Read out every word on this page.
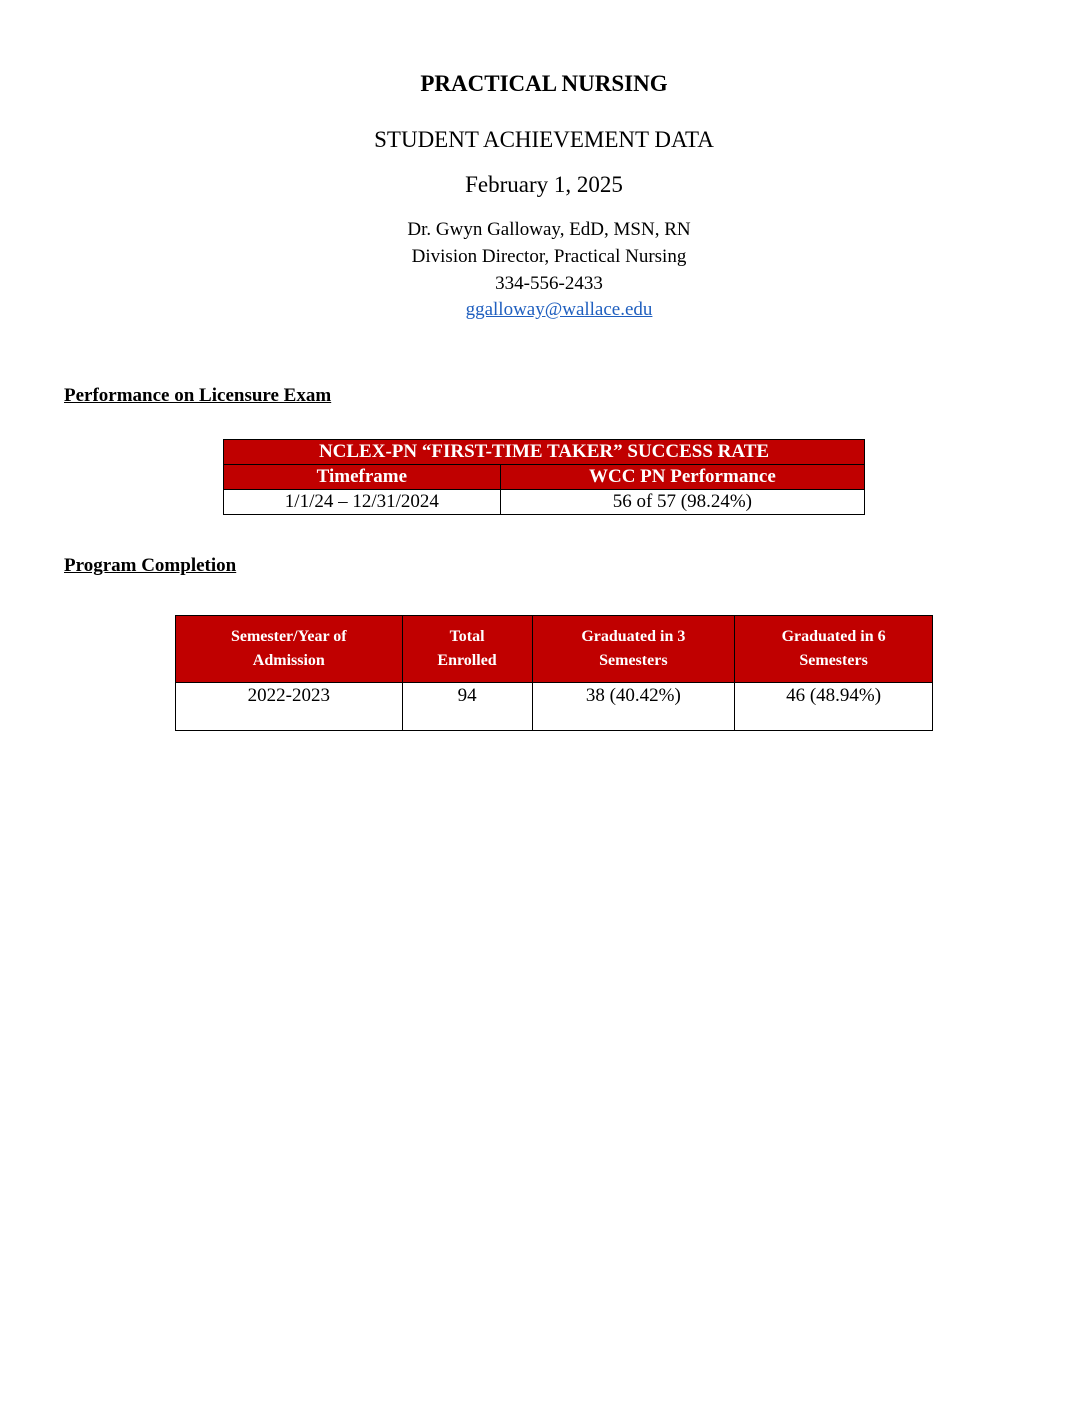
PRACTICAL NURSING
STUDENT ACHIEVEMENT DATA
February 1, 2025
Dr. Gwyn Galloway, EdD, MSN, RN
Division Director, Practical Nursing
334-556-2433
ggalloway@wallace.edu
Performance on Licensure Exam
NCLEX-PN “FIRST-TIME TAKER” SUCCESS RATE	
Timeframe	WCC PN Performance
1/1/24 – 12/31/2024	56 of 57 (98.24%)
Program Completion
Semester/Year of Admission	Total Enrolled	Graduated in 3 Semesters	Graduated in 6 Semesters
2022-2023	94	38 (40.42%)	46 (48.94%)
